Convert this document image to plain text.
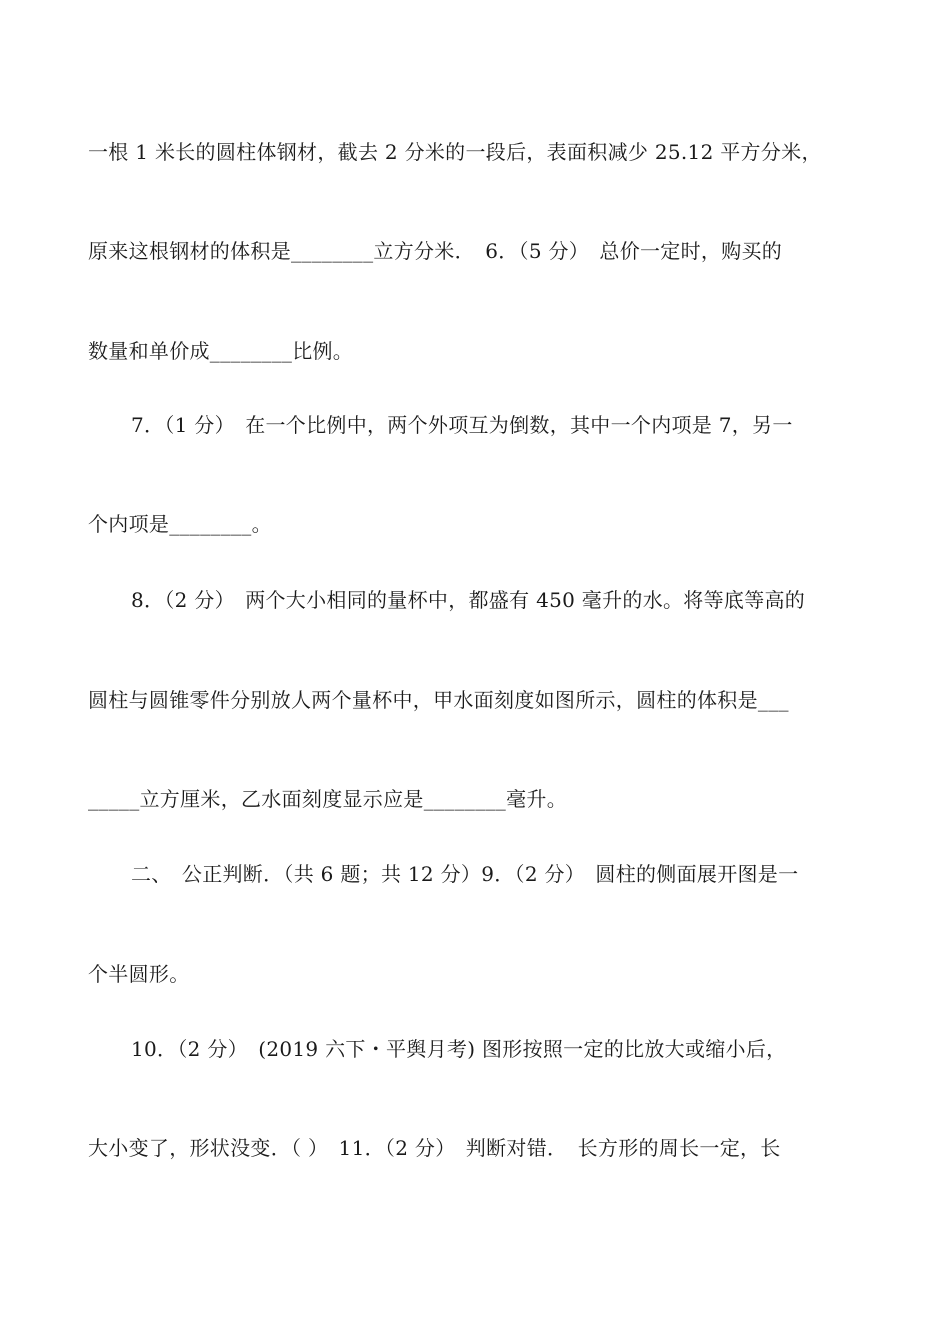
一根 1 米长的圆柱体钢材，截去 2 分米的一段后，表面积减少 25.12 平方分米，
原来这根钢材的体积是________立方分米．　6．（5 分）　总价一定时，购买的
数量和单价成________比例。
7．（1 分）　在一个比例中，两个外项互为倒数，其中一个内项是 7，另一
个内项是________。
8．（2 分）　两个大小相同的量杯中，都盛有 450 毫升的水。将等底等高的
圆柱与圆锥零件分别放人两个量杯中，甲水面刻度如图所示，圆柱的体积是___
_____立方厘米，乙水面刻度显示应是________毫升。
二、　公正判断．（共 6 题；共 12 分）9．（2 分）　圆柱的侧面展开图是一
个半圆形。
10．（2 分）　(2019 六下・平舆月考) 图形按照一定的比放大或缩小后，
大小变了，形状没变．（ ）　11．（2 分）　判断对错．　长方形的周长一定，长
